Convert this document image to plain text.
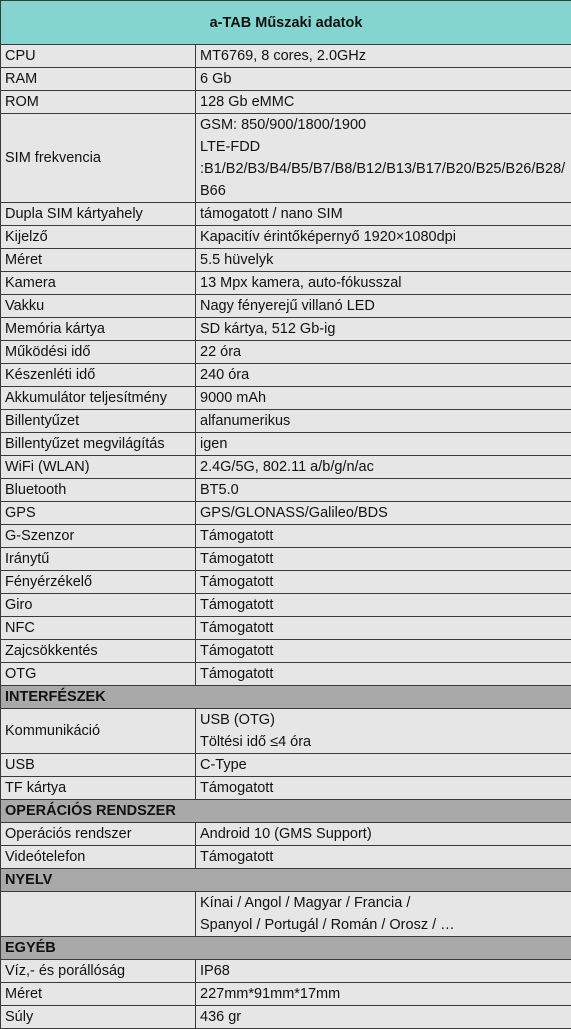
a-TAB Műszaki adatok	
CPU	MT6769, 8 cores, 2.0GHz

RAM	6 Gb

ROM	128 Gb eMMC

SIM frekvencia	GSM: 850/900/1800/1900
LTE-FDD
:B1/B2/B3/B4/B5/B7/B8/B12/B13/B17/B20/B25/B26/B28/B66

Dupla SIM kártyahely	támogatott / nano SIM

Kijelző	Kapacitív érintőképernyő 1920×1080dpi

Méret	5.5 hüvelyk

Kamera	13 Mpx kamera, auto-fókusszal

Vakku	Nagy fényerejű villanó LED

Memória kártya	SD kártya, 512 Gb-ig

Működési idő	22 óra

Készenléti idő	240 óra

Akkumulátor teljesítmény	9000 mAh

Billentyűzet	alfanumerikus

Billentyűzet megvilágítás	igen

WiFi (WLAN)	2.4G/5G, 802.11 a/b/g/n/ac

Bluetooth	BT5.0

GPS	GPS/GLONASS/Galileo/BDS

G-Szenzor	Támogatott

Iránytű	Támogatott

Fényérzékelő	Támogatott

Giro	Támogatott

NFC	Támogatott

Zajcsökkentés	Támogatott

OTG	Támogatott

INTERFÉSZEK	
Kommunikáció	USB (OTG)
Töltési idő ≤4 óra

USB	C-Type

TF kártya	Támogatott

OPERÁCIÓS RENDSZER	
Operációs rendszer	Android 10 (GMS Support)

Videótelefon	Támogatott

NYELV	

	Kínai / Angol / Magyar / Francia /
Spanyol / Portugál / Román / Orosz / …

EGYÉB	
Víz,- és porállóság	IP68

Méret	227mm*91mm*17mm

Súly	436 gr
